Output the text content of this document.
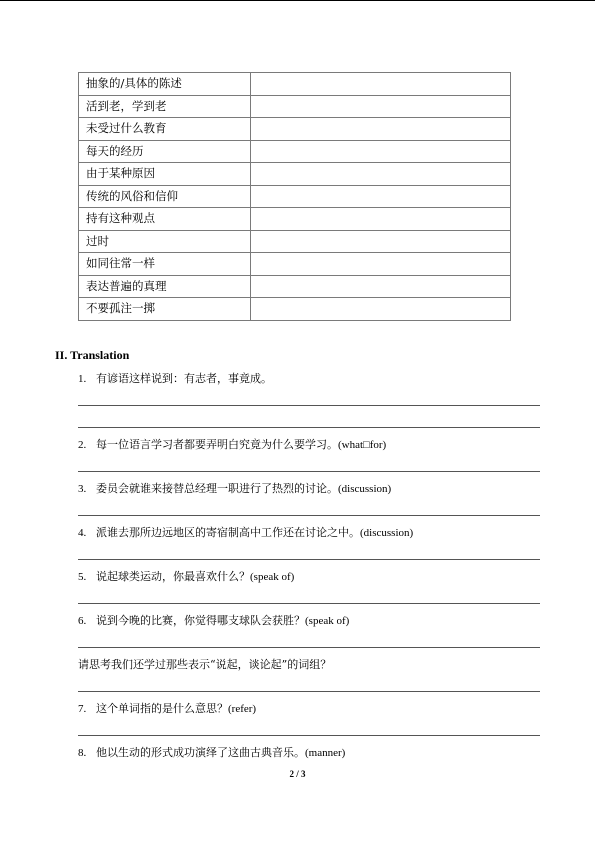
抽象的/具体的陈述	
活到老，学到老	
未受过什么教育	
每天的经历	
由于某种原因	
传统的风俗和信仰	
持有这种观点	
过时	
如同往常一样	
表达普遍的真理	
不要孤注一掷	
II. Translation
1. 有谚语这样说到：有志者，事竟成。
2. 每一位语言学习者都要弄明白究竟为什么要学习。(what□for)
3. 委员会就谁来接替总经理一职进行了热烈的讨论。(discussion)
4. 派谁去那所边远地区的寄宿制高中工作还在讨论之中。(discussion)
5. 说起球类运动，你最喜欢什么？(speak of)
6. 说到今晚的比赛，你觉得哪支球队会获胜？(speak of)
请思考我们还学过那些表示“说起，谈论起”的词组？
7. 这个单词指的是什么意思？(refer)
8. 他以生动的形式成功演绎了这曲古典音乐。(manner)
2 / 3
